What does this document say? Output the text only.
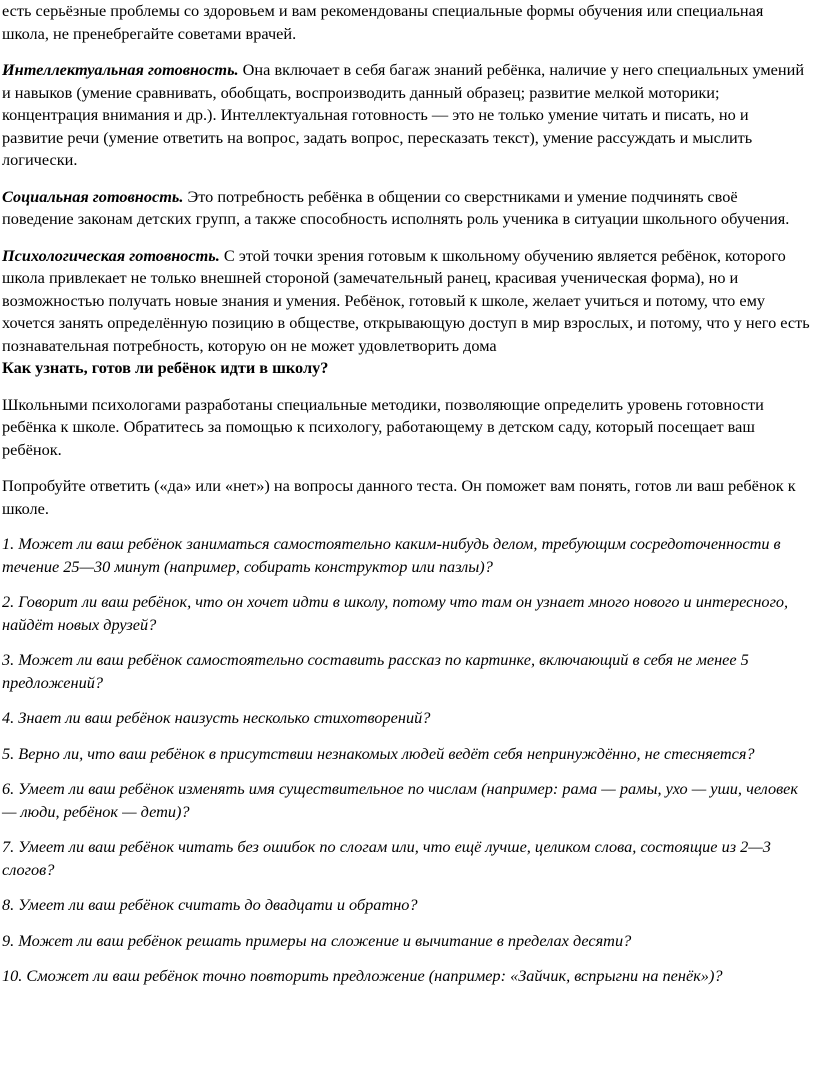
есть серьёзные проблемы со здоровьем и вам рекомендованы специальные формы обучения или специальная школа, не пренебрегайте советами врачей.

Интеллектуальная готовность. Она включает в себя багаж знаний ребёнка, наличие у него специальных умений и навыков (умение сравнивать, обобщать, воспроизводить данный образец; развитие мелкой моторики; концентрация внимания и др.). Интеллектуальная готовность — это не только умение читать и писать, но и развитие речи (умение ответить на вопрос, задать вопрос, пересказать текст), умение рассуждать и мыслить логически.

Социальная готовность. Это потребность ребёнка в общении со сверстниками и умение подчинять своё поведение законам детских групп, а также способность исполнять роль ученика в ситуации школьного обучения.

Психологическая готовность. С этой точки зрения готовым к школьному обучению является ребёнок, которого школа привлекает не только внешней стороной (замечательный ранец, красивая ученическая форма), но и возможностью получать новые знания и умения. Ребёнок, готовый к школе, желает учиться и потому, что ему хочется занять определённую позицию в обществе, открывающую доступ в мир взрослых, и потому, что у него есть познавательная потребность, которую он не может удовлетворить дома

Как узнать, готов ли ребёнок идти в школу?

Школьными психологами разработаны специальные методики, позволяющие определить уровень готовности ребёнка к школе. Обратитесь за помощью к психологу, работающему в детском саду, который посещает ваш ребёнок.

Попробуйте ответить («да» или «нет») на вопросы данного теста. Он поможет вам понять, готов ли ваш ребёнок к школе.

1. Может ли ваш ребёнок заниматься самостоятельно каким-нибудь делом, требующим сосредоточенности в течение 25—30 минут (например, собирать конструктор или пазлы)?

2. Говорит ли ваш ребёнок, что он хочет идти в школу, потому что там он узнает много нового и интересного, найдёт новых друзей?

3. Может ли ваш ребёнок самостоятельно составить рассказ по картинке, включающий в себя не менее 5 предложений?

4. Знает ли ваш ребёнок наизусть несколько стихотворений?

5. Верно ли, что ваш ребёнок в присутствии незнакомых людей ведёт себя непринуждённо, не стесняется?

6. Умеет ли ваш ребёнок изменять имя существительное по числам (например: рама — рамы, ухо — уши, человек — люди, ребёнок — дети)?

7. Умеет ли ваш ребёнок читать без ошибок по слогам или, что ещё лучше, целиком слова, состоящие из 2—3 слогов?

8. Умеет ли ваш ребёнок считать до двадцати и обратно?

9. Может ли ваш ребёнок решать примеры на сложение и вычитание в пределах десяти?

10. Сможет ли ваш ребёнок точно повторить предложение (например: «Зайчик, вспрыгни на пенёк»)?
